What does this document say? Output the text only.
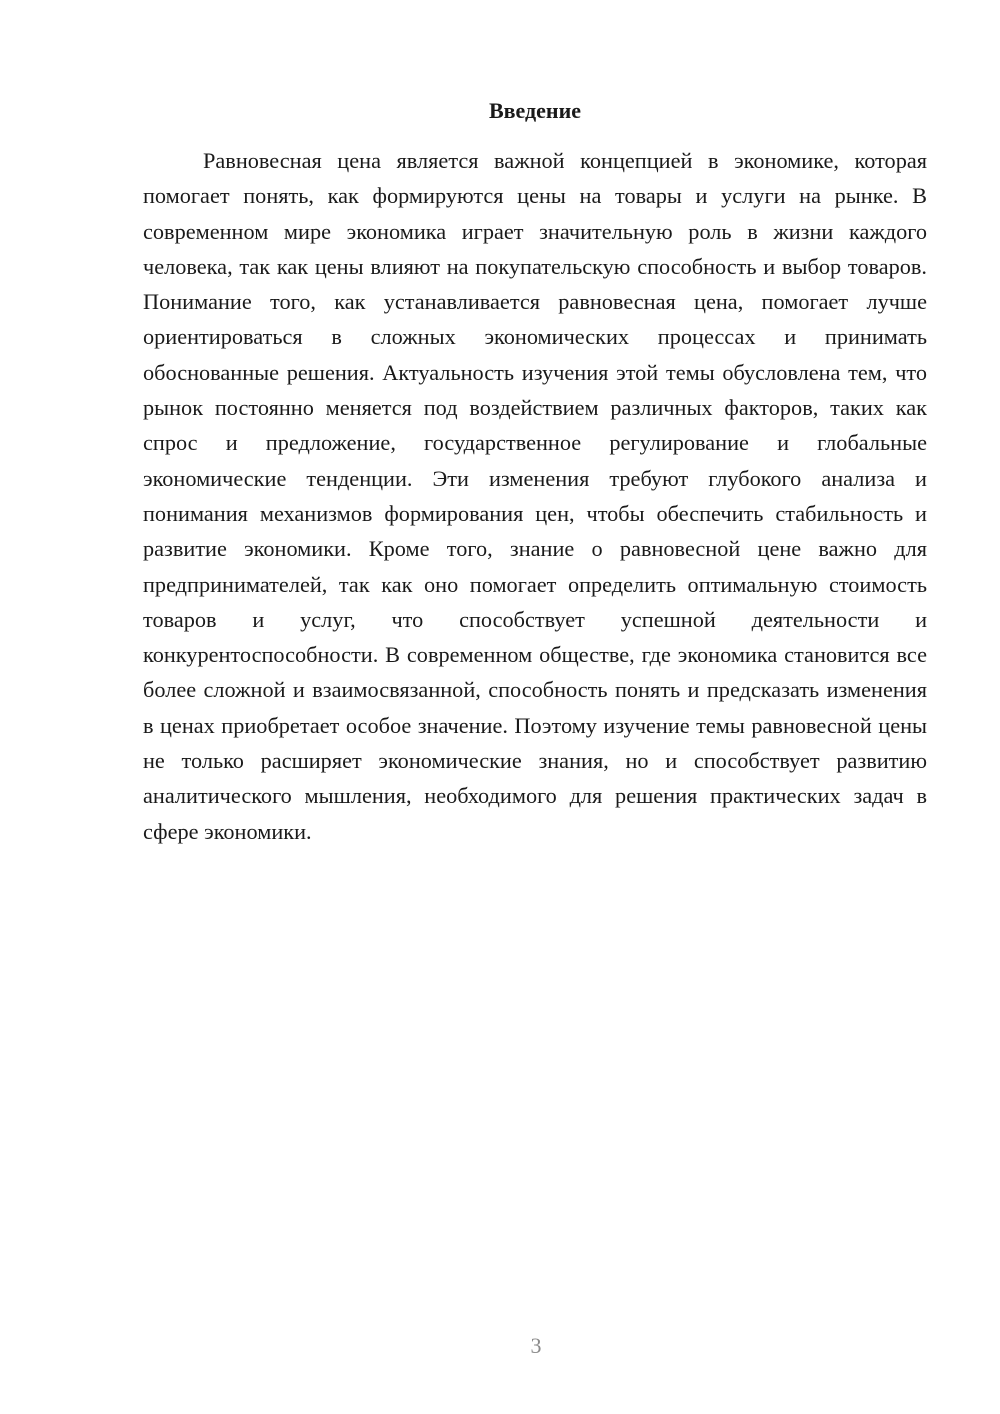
Введение

Равновесная цена является важной концепцией в экономике, которая помогает понять, как формируются цены на товары и услуги на рынке. В современном мире экономика играет значительную роль в жизни каждого человека, так как цены влияют на покупательскую способность и выбор товаров. Понимание того, как устанавливается равновесная цена, помогает лучше ориентироваться в сложных экономических процессах и принимать обоснованные решения. Актуальность изучения этой темы обусловлена тем, что рынок постоянно меняется под воздействием различных факторов, таких как спрос и предложение, государственное регулирование и глобальные экономические тенденции. Эти изменения требуют глубокого анализа и понимания механизмов формирования цен, чтобы обеспечить стабильность и развитие экономики. Кроме того, знание о равновесной цене важно для предпринимателей, так как оно помогает определить оптимальную стоимость товаров и услуг, что способствует успешной деятельности и конкурентоспособности. В современном обществе, где экономика становится все более сложной и взаимосвязанной, способность понять и предсказать изменения в ценах приобретает особое значение. Поэтому изучение темы равновесной цены не только расширяет экономические знания, но и способствует развитию аналитического мышления, необходимого для решения практических задач в сфере экономики.

3
